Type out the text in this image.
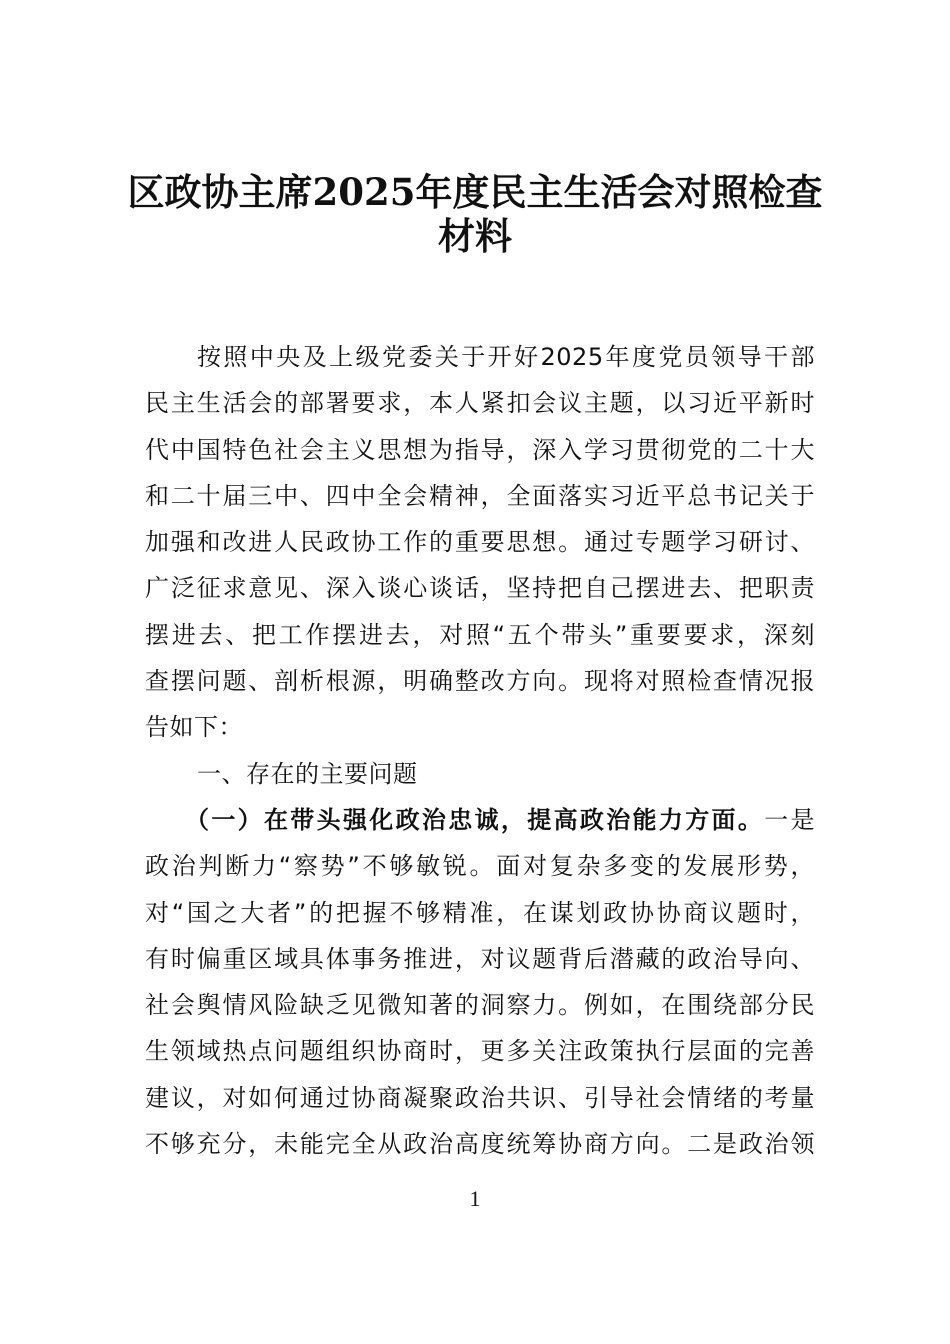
区政协主席2025年度民主生活会对照检查
材料
按照中央及上级党委关于开好2025年度党员领导干部
民主生活会的部署要求，本人紧扣会议主题，以习近平新时
代中国特色社会主义思想为指导，深入学习贯彻党的二十大
和二十届三中、四中全会精神，全面落实习近平总书记关于
加强和改进人民政协工作的重要思想。通过专题学习研讨、
广泛征求意见、深入谈心谈话，坚持把自己摆进去、把职责
摆进去、把工作摆进去，对照“五个带头”重要要求，深刻
查摆问题、剖析根源，明确整改方向。现将对照检查情况报
告如下：
一、存在的主要问题
（一）在带头强化政治忠诚，提高政治能力方面。一是
政治判断力“察势”不够敏锐。面对复杂多变的发展形势，
对“国之大者”的把握不够精准，在谋划政协协商议题时，
有时偏重区域具体事务推进，对议题背后潜藏的政治导向、
社会舆情风险缺乏见微知著的洞察力。例如，在围绕部分民
生领域热点问题组织协商时，更多关注政策执行层面的完善
建议，对如何通过协商凝聚政治共识、引导社会情绪的考量
不够充分，未能完全从政治高度统筹协商方向。二是政治领
1
